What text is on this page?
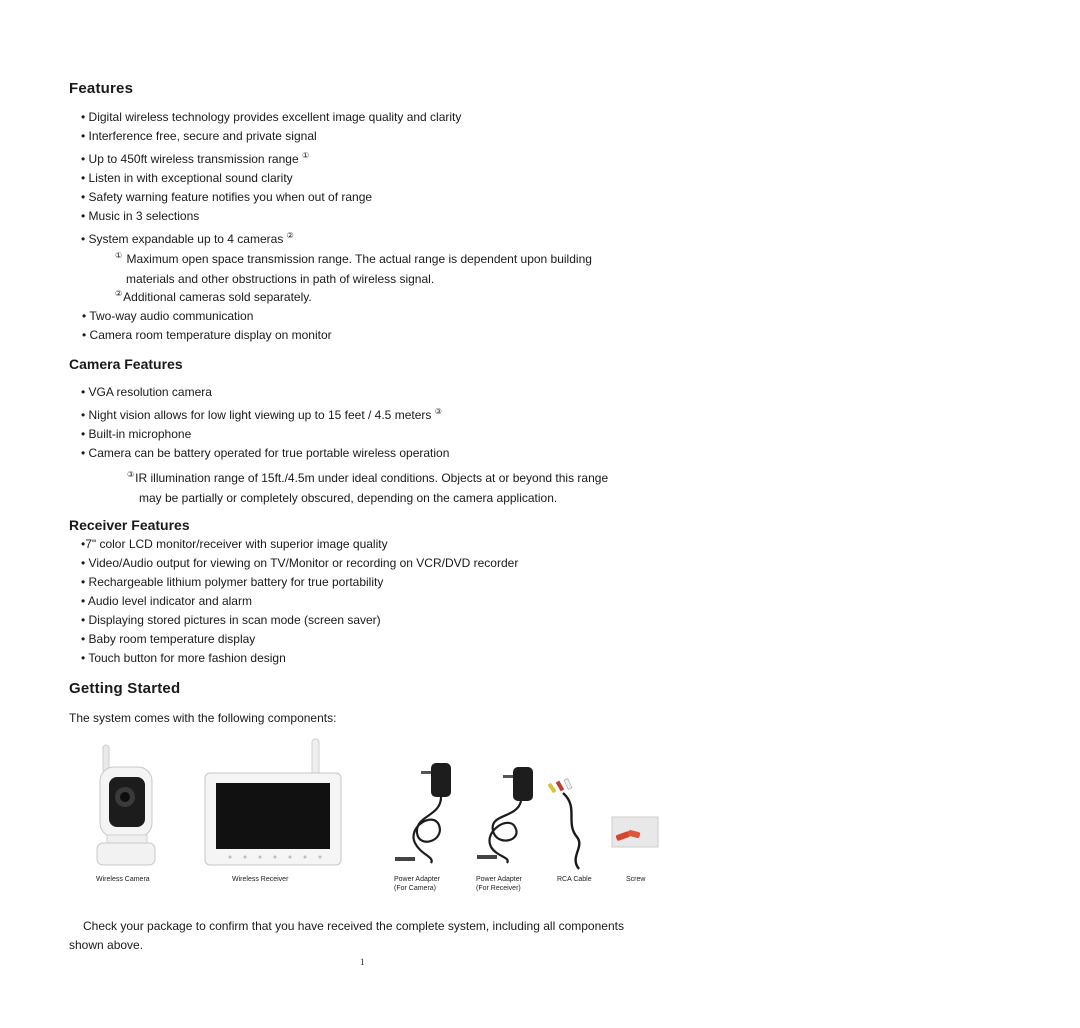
Features
• Digital wireless technology provides excellent image quality and clarity
• Interference free, secure and private signal
• Up to 450ft wireless transmission range ①
• Listen in with exceptional sound clarity
• Safety warning feature notifies you when out of range
• Music in 3 selections
• System expandable up to 4 cameras ②
① Maximum open space transmission range. The actual range is dependent upon building
materials and other obstructions in path of wireless signal.
②Additional cameras sold separately.
• Two-way audio communication
• Camera room temperature display on monitor
Camera Features
• VGA resolution camera
• Night vision allows for low light viewing up to 15 feet / 4.5 meters ③
• Built-in microphone
• Camera can be battery operated for true portable wireless operation
③IR illumination range of 15ft./4.5m under ideal conditions. Objects at or beyond this range
may be partially or completely obscured, depending on the camera application.
Receiver Features
•7" color LCD monitor/receiver with superior image quality
• Video/Audio output for viewing on TV/Monitor or recording on VCR/DVD recorder
• Rechargeable lithium polymer battery for true portability
• Audio level indicator and alarm
• Displaying stored pictures in scan mode (screen saver)
• Baby room temperature display
• Touch button for more fashion design
Getting Started
The system comes with the following components:
Wireless Camera	Wireless Receiver	Power Adapter
(For Camera)
Power Adapter
(For Receiver)
RCA Cable	Screw
Check your package to confirm that you have received the complete system, including all components
shown above.
1
